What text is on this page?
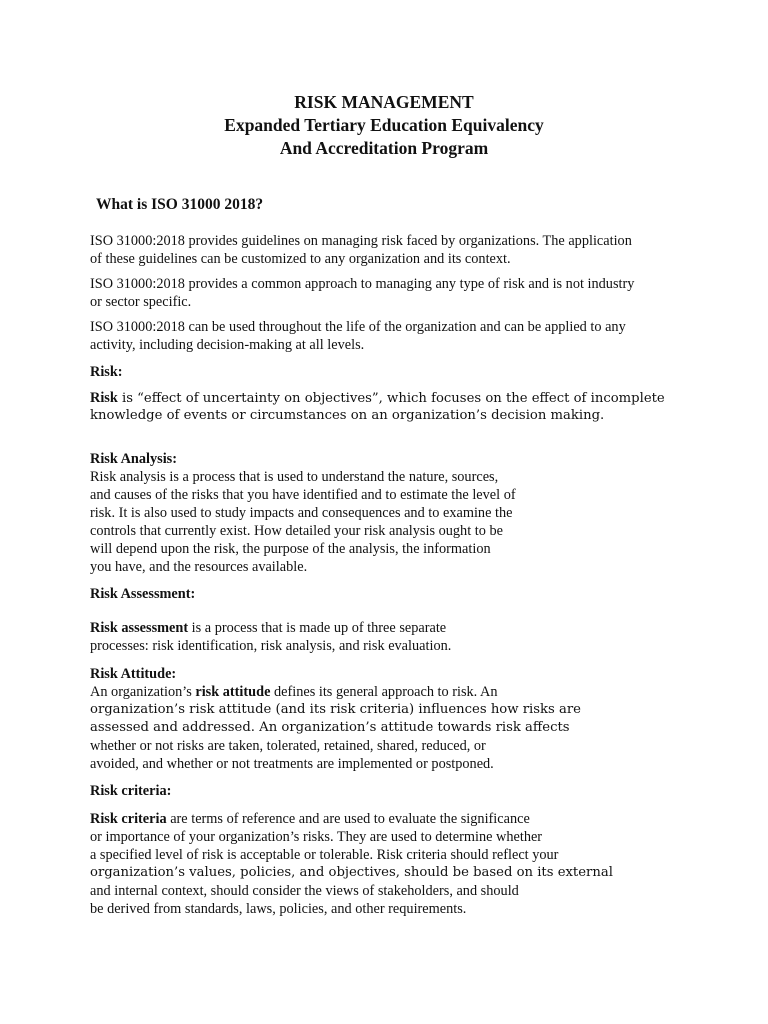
RISK MANAGEMENT
Expanded Tertiary Education Equivalency
And Accreditation Program
What is ISO 31000 2018?
ISO 31000:2018 provides guidelines on managing risk faced by organizations. The application
of these guidelines can be customized to any organization and its context.
ISO 31000:2018 provides a common approach to managing any type of risk and is not industry
or sector specific.
ISO 31000:2018 can be used throughout the life of the organization and can be applied to any
activity, including decision-making at all levels.
Risk:
Risk is “effect of uncertainty on objectives”, which focuses on the effect of incomplete
knowledge of events or circumstances on an organization’s decision making.
Risk Analysis:
Risk analysis is a process that is used to understand the nature, sources,
and causes of the risks that you have identified and to estimate the level of
risk. It is also used to study impacts and consequences and to examine the
controls that currently exist. How detailed your risk analysis ought to be
will depend upon the risk, the purpose of the analysis, the information
you have, and the resources available.
Risk Assessment:
Risk assessment is a process that is made up of three separate
processes: risk identification, risk analysis, and risk evaluation.
Risk Attitude:
An organization’s risk attitude defines its general approach to risk. An
organization’s risk attitude (and its risk criteria) influences how risks are
assessed and addressed. An organization’s attitude towards risk affects
whether or not risks are taken, tolerated, retained, shared, reduced, or
avoided, and whether or not treatments are implemented or postponed.
Risk criteria:
Risk criteria are terms of reference and are used to evaluate the significance
or importance of your organization’s risks. They are used to determine whether
a specified level of risk is acceptable or tolerable. Risk criteria should reflect your
organization’s values, policies, and objectives, should be based on its external
and internal context, should consider the views of stakeholders, and should
be derived from standards, laws, policies, and other requirements.
